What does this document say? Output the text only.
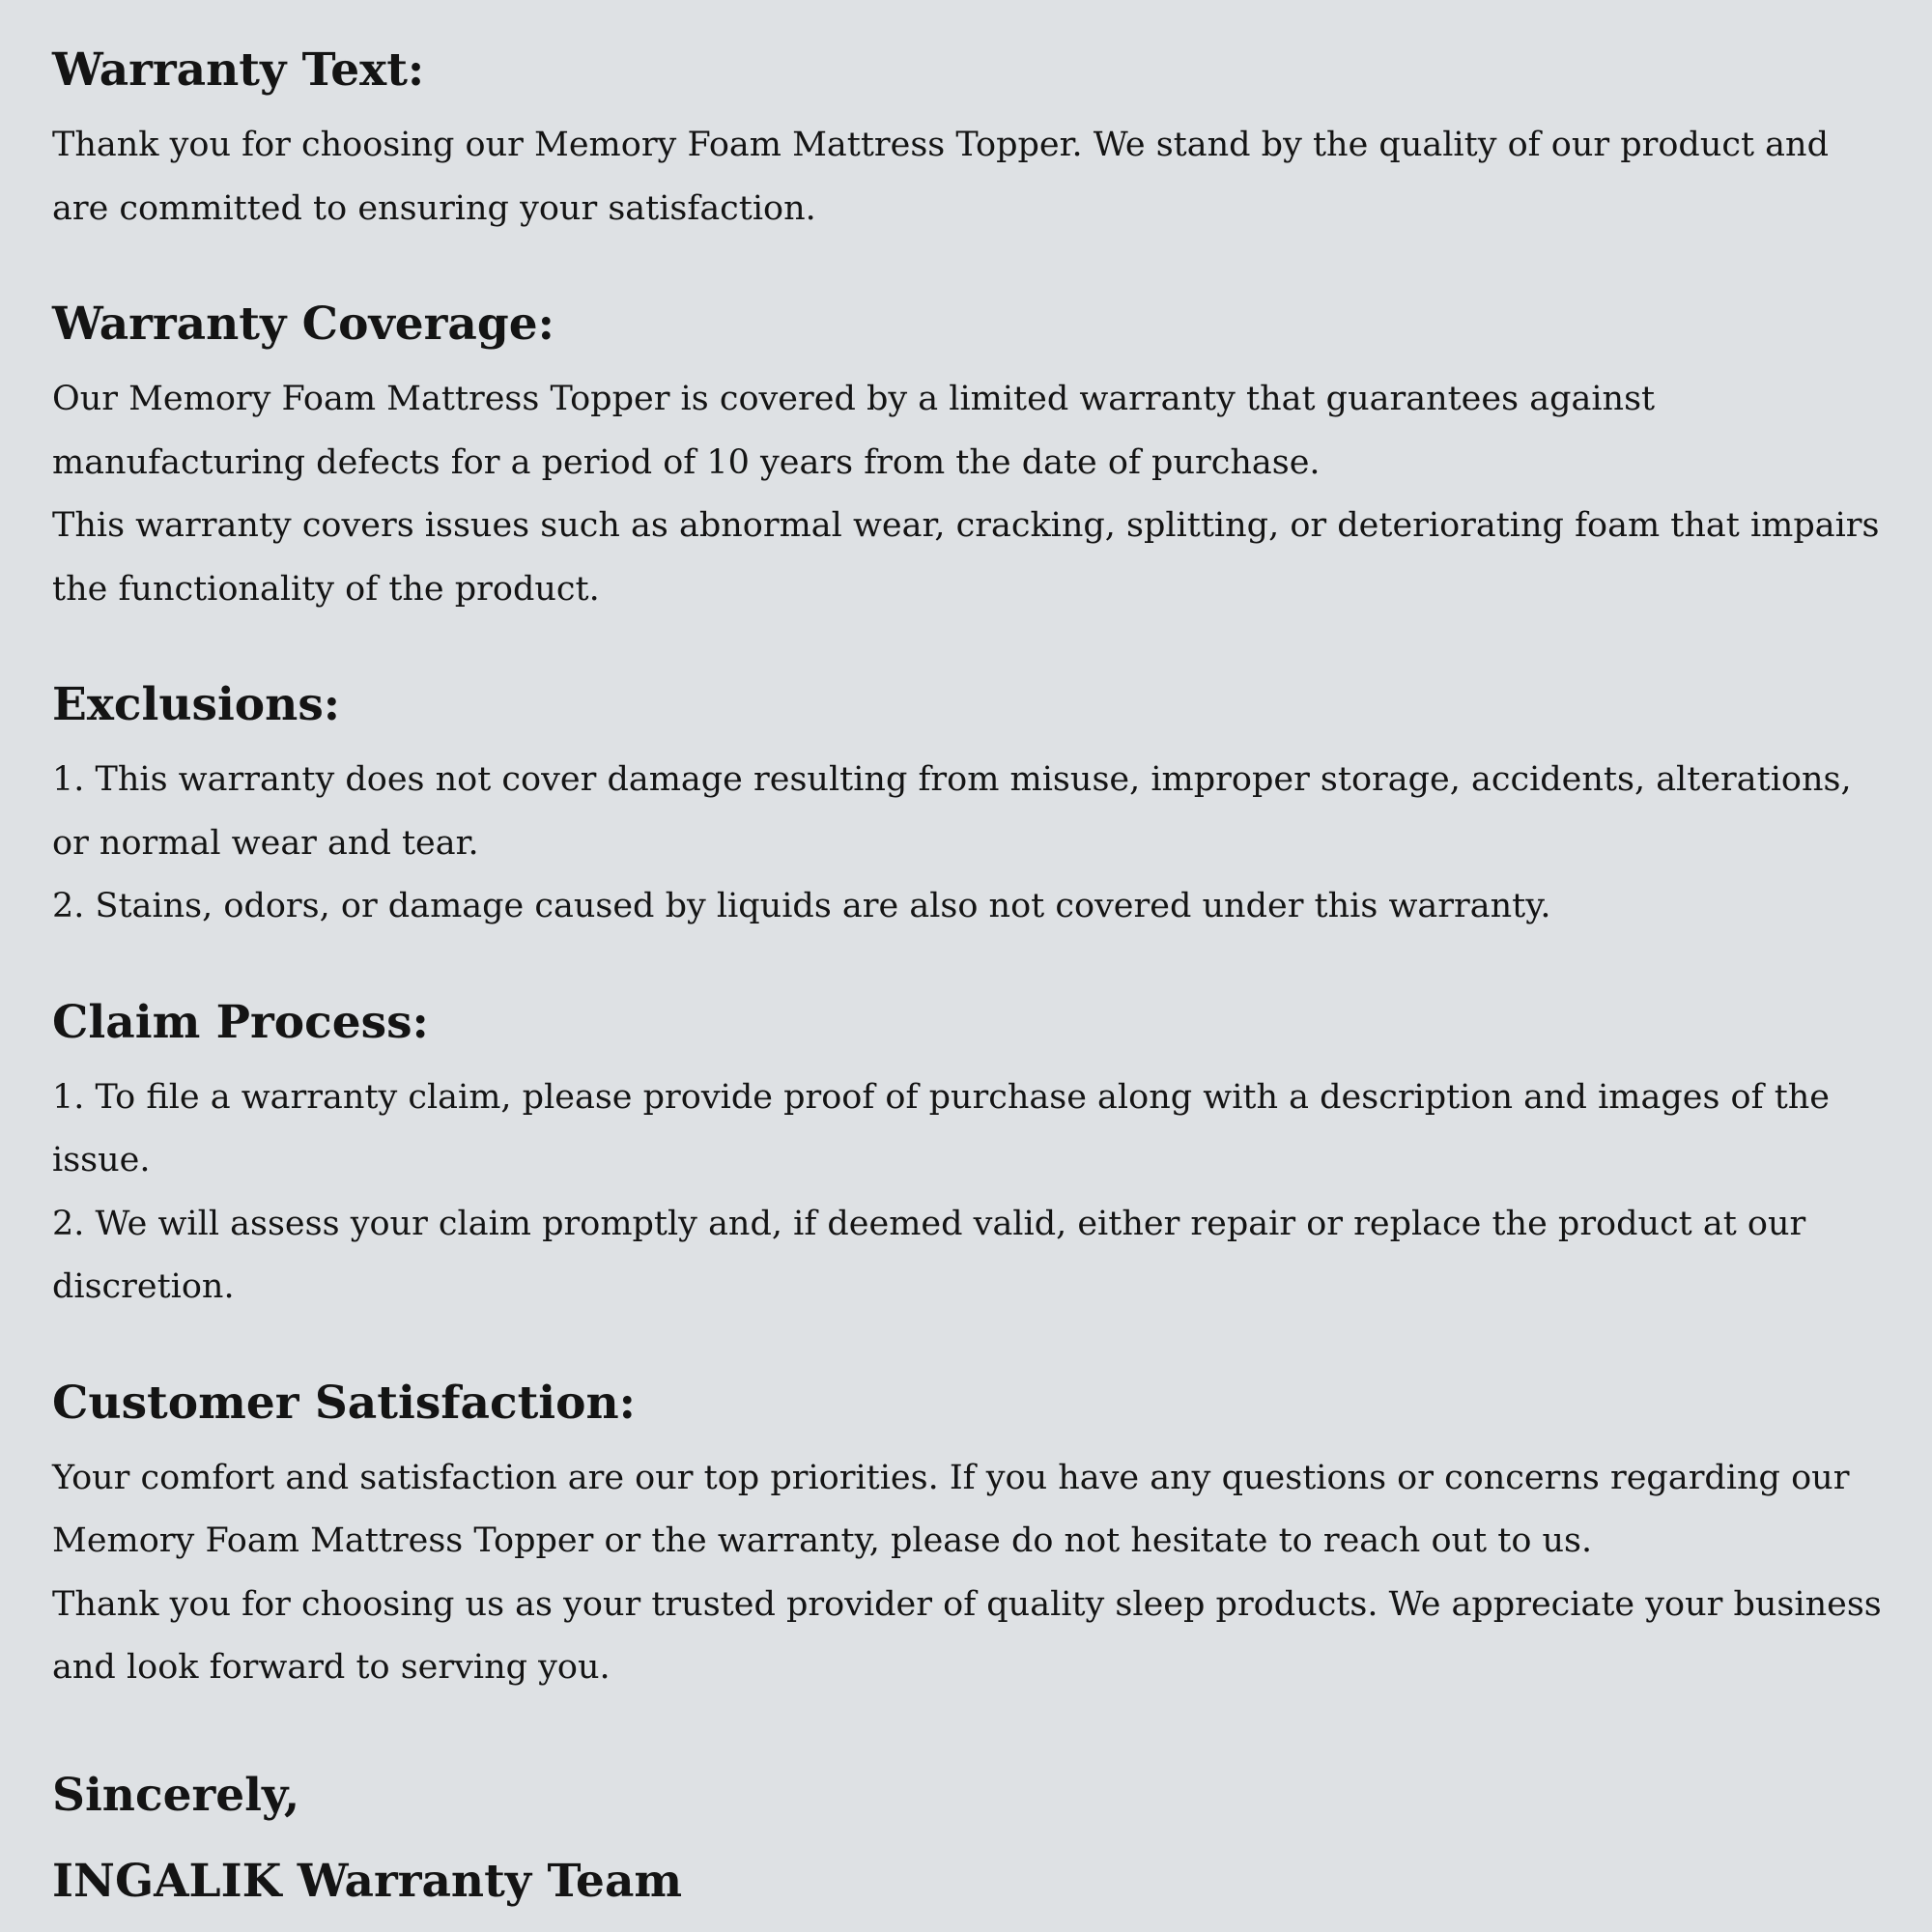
Warranty Text:

Thank you for choosing our Memory Foam Mattress Topper. We stand by the quality of our product and are committed to ensuring your satisfaction.

Warranty Coverage:

Our Memory Foam Mattress Topper is covered by a limited warranty that guarantees against manufacturing defects for a period of 10 years from the date of purchase.

This warranty covers issues such as abnormal wear, cracking, splitting, or deteriorating foam that impairs the functionality of the product.

Exclusions:

1. This warranty does not cover damage resulting from misuse, improper storage, accidents, alterations, or normal wear and tear.

2. Stains, odors, or damage caused by liquids are also not covered under this warranty.

Claim Process:

1. To file a warranty claim, please provide proof of purchase along with a description and images of the issue.

2. We will assess your claim promptly and, if deemed valid, either repair or replace the product at our discretion.

Customer Satisfaction:

Your comfort and satisfaction are our top priorities. If you have any questions or concerns regarding our Memory Foam Mattress Topper or the warranty, please do not hesitate to reach out to us.

Thank you for choosing us as your trusted provider of quality sleep products. We appreciate your business and look forward to serving you.

Sincerely,

INGALIK Warranty Team
